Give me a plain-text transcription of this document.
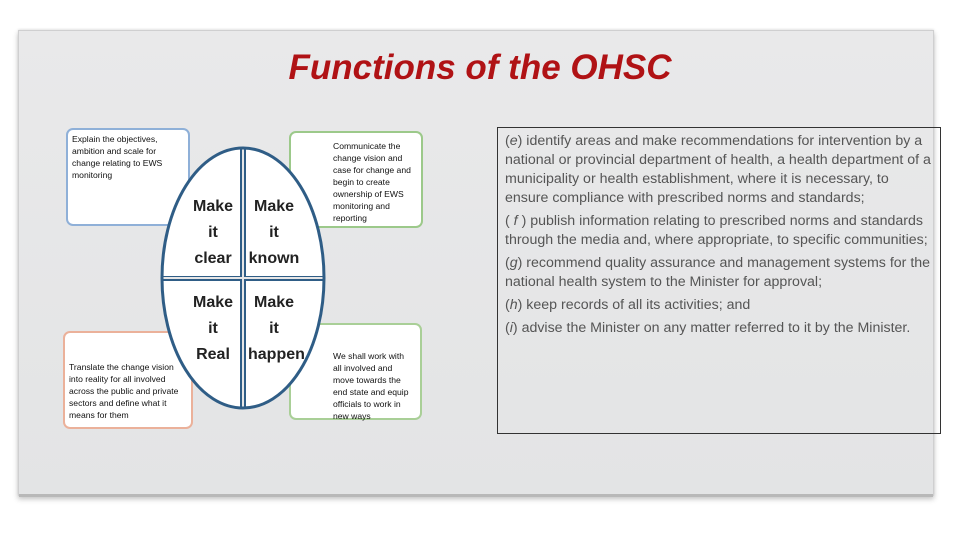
Functions of the OHSC
Explain the objectives, ambition and scale for change relating to EWS monitoring
Communicate the change vision and case for change and begin to create ownership of EWS monitoring and reporting
Translate the change vision into reality for all involved across the public and private sectors and define what it means for them
We shall work with all involved and move towards the end state and equip officials to work in new ways
Make it
clear
Make it
known
Make it
Real
Make it
happen

(e) identify areas and make recommendations for intervention by a national or provincial department of health, a health department of a municipality or health establishment, where it is necessary, to ensure compliance with prescribed norms and standards;

( f ) publish information relating to prescribed norms and standards through the media and, where appropriate, to specific communities;

(g) recommend quality assurance and management systems for the national health system to the Minister for approval;

(h) keep records of all its activities; and

(i) advise the Minister on any matter referred to it by the Minister.
